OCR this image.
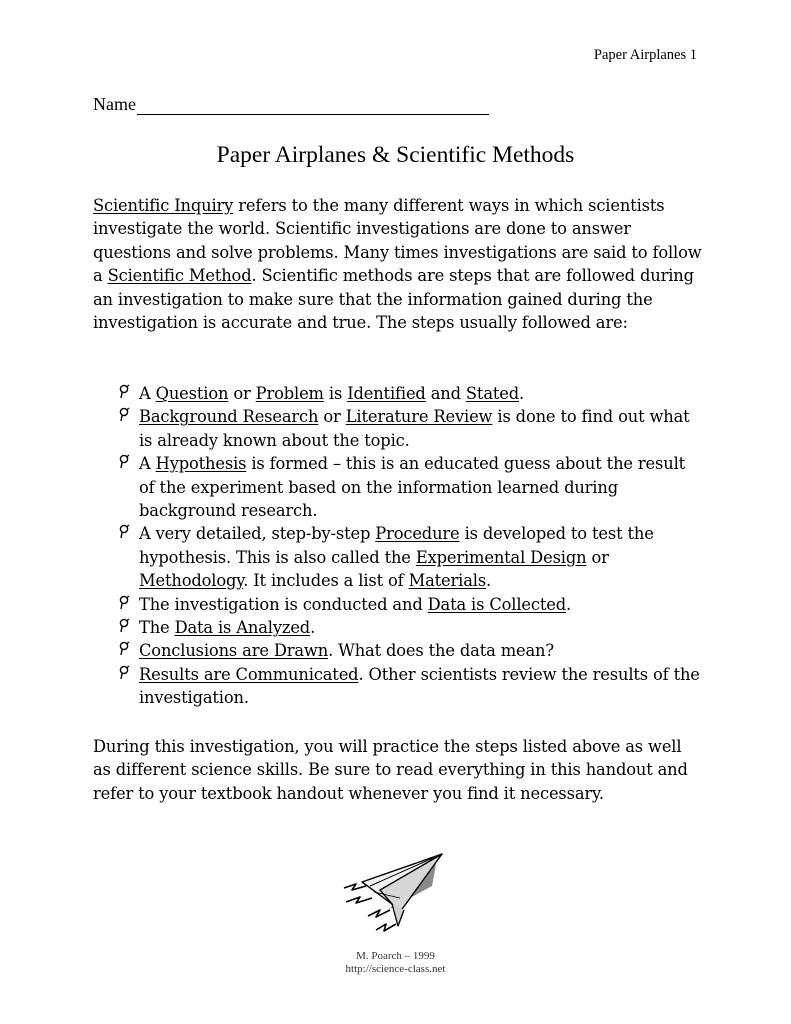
Paper Airplanes 1
Name
Paper Airplanes & Scientific Methods

Scientific Inquiry refers to the many different ways in which scientists investigate the world. Scientific investigations are done to answer questions and solve problems. Many times investigations are said to follow a Scientific Method. Scientific methods are steps that are followed during an investigation to make sure that the information gained during the investigation is accurate and true. The steps usually followed are:

A Question or Problem is Identified and Stated.
Background Research or Literature Review is done to find out what is already known about the topic.
A Hypothesis is formed – this is an educated guess about the result of the experiment based on the information learned during background research.
A very detailed, step-by-step Procedure is developed to test the hypothesis. This is also called the Experimental Design or Methodology. It includes a list of Materials.
The investigation is conducted and Data is Collected.
The Data is Analyzed.
Conclusions are Drawn. What does the data mean?
Results are Communicated. Other scientists review the results of the investigation.

During this investigation, you will practice the steps listed above as well as different science skills. Be sure to read everything in this handout and refer to your textbook handout whenever you find it necessary.

M. Poarch – 1999
http://science-class.net
